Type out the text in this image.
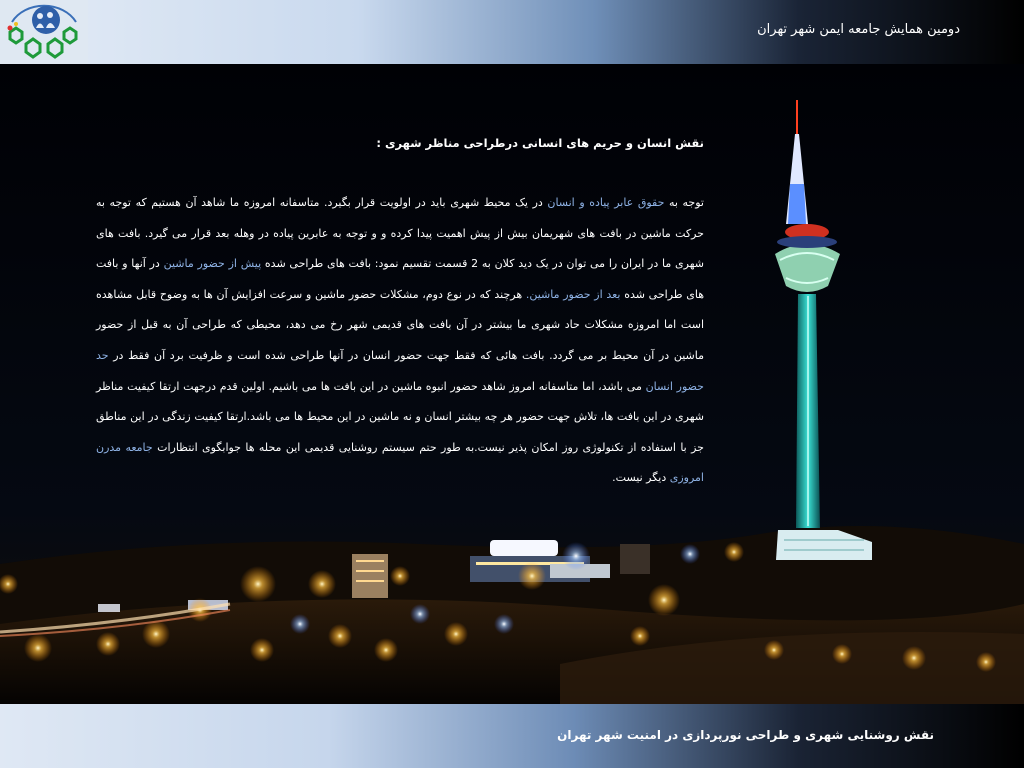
دومین همایش جامعه ایمن شهر تهران
نقش انسان و حریم های انسانی درطراحی مناظر شهری :

توجه به حقوق عابر پیاده و انسان در یک محیط شهری باید در اولویت قرار بگیرد. متاسفانه امروزه ما شاهد آن هستیم که توجه به حرکت ماشین در بافت های شهریمان بیش از پیش اهمیت پیدا کرده و و توجه به عابرین پیاده در وهله بعد قرار می گیرد. بافت های شهری ما در ایران را می توان در یک دید کلان به 2 قسمت تقسیم نمود: بافت های طراحی شده پیش از حضور ماشین در آنها و بافت های طراحی شده بعد از حضور ماشین. هرچند که در نوع دوم، مشکلات حضور ماشین و سرعت افزایش آن ها به وضوح قابل مشاهده است اما امروزه مشکلات حاد شهری ما بیشتر در آن بافت های قدیمی شهر رخ می دهد، محیطی که طراحی آن به قبل از حضور ماشین در آن محیط بر می گردد. بافت هائی که فقط جهت حضور انسان در آنها طراحی شده است و ظرفیت برد آن فقط در حد حضور انسان می باشد، اما متاسفانه امروز شاهد حضور انبوه ماشین در این بافت ها می باشیم. اولین قدم درجهت ارتقا کیفیت مناظر شهری در این بافت ها، تلاش جهت حضور هر چه بیشتر انسان و نه ماشین در این محیط ها می باشد.ارتقا کیفیت زندگی در این مناطق جز با استفاده از تکنولوژی روز امکان پذیر نیست.به طور حتم سیستم روشنایی قدیمی این محله ها جوابگوی انتظارات جامعه مدرن امروزی دیگر نیست.

نقش روشنایی شهری و طراحی نورپردازی در امنیت شهر تهران
